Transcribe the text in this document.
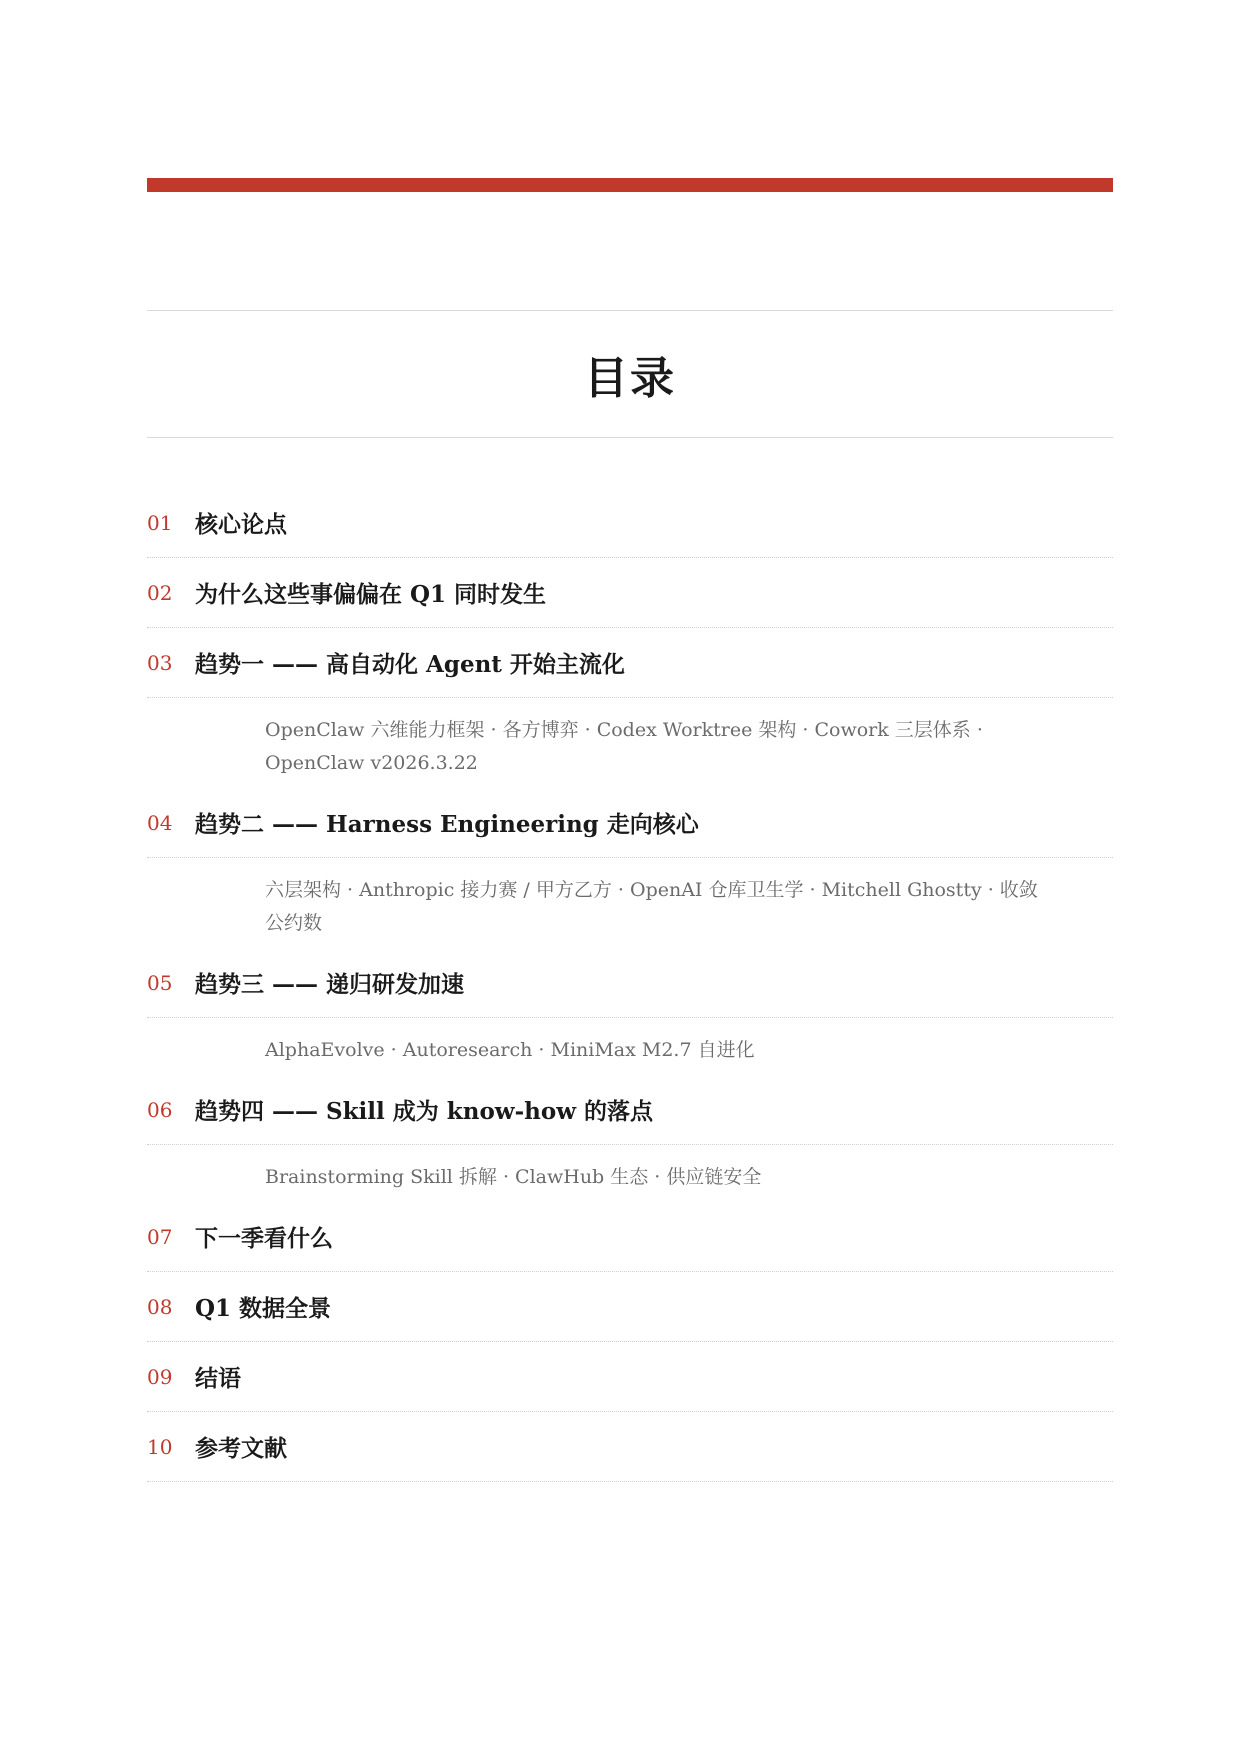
目录
01 核心论点
02 为什么这些事偏偏在 Q1 同时发生
03 趋势一 —— 高自动化 Agent 开始主流化
OpenClaw 六维能力框架 · 各方博弈 · Codex Worktree 架构 · Cowork 三层体系 · OpenClaw v2026.3.22
04 趋势二 —— Harness Engineering 走向核心
六层架构 · Anthropic 接力赛 / 甲方乙方 · OpenAI 仓库卫生学 · Mitchell Ghostty · 收敛公约数
05 趋势三 —— 递归研发加速
AlphaEvolve · Autoresearch · MiniMax M2.7 自进化
06 趋势四 —— Skill 成为 know-how 的落点
Brainstorming Skill 拆解 · ClawHub 生态 · 供应链安全
07 下一季看什么
08 Q1 数据全景
09 结语
10 参考文献
